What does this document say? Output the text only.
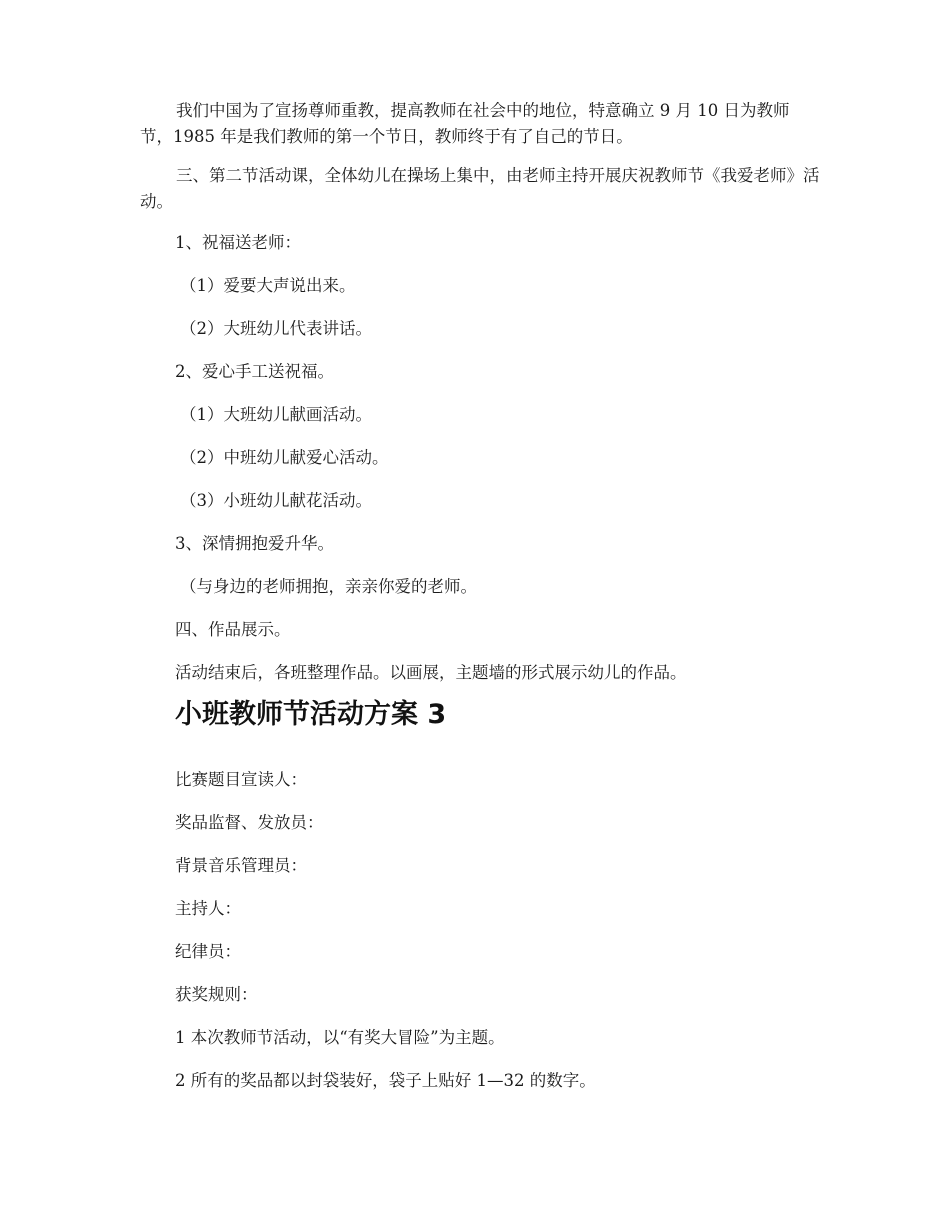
我们中国为了宣扬尊师重教，提高教师在社会中的地位，特意确立 9 月 10 日为教师节，1985 年是我们教师的第一个节日，教师终于有了自己的节日。

三、第二节活动课，全体幼儿在操场上集中，由老师主持开展庆祝教师节《我爱老师》活动。

1、祝福送老师：

（1）爱要大声说出来。

（2）大班幼儿代表讲话。

2、爱心手工送祝福。

（1）大班幼儿献画活动。

（2）中班幼儿献爱心活动。

（3）小班幼儿献花活动。

3、深情拥抱爱升华。

（与身边的老师拥抱，亲亲你爱的老师。

四、作品展示。

活动结束后，各班整理作品。以画展，主题墙的形式展示幼儿的作品。

小班教师节活动方案 3

比赛题目宣读人：

奖品监督、发放员：

背景音乐管理员：

主持人：

纪律员：

获奖规则：

1 本次教师节活动，以“有奖大冒险”为主题。

2 所有的奖品都以封袋装好，袋子上贴好 1—32 的数字。
